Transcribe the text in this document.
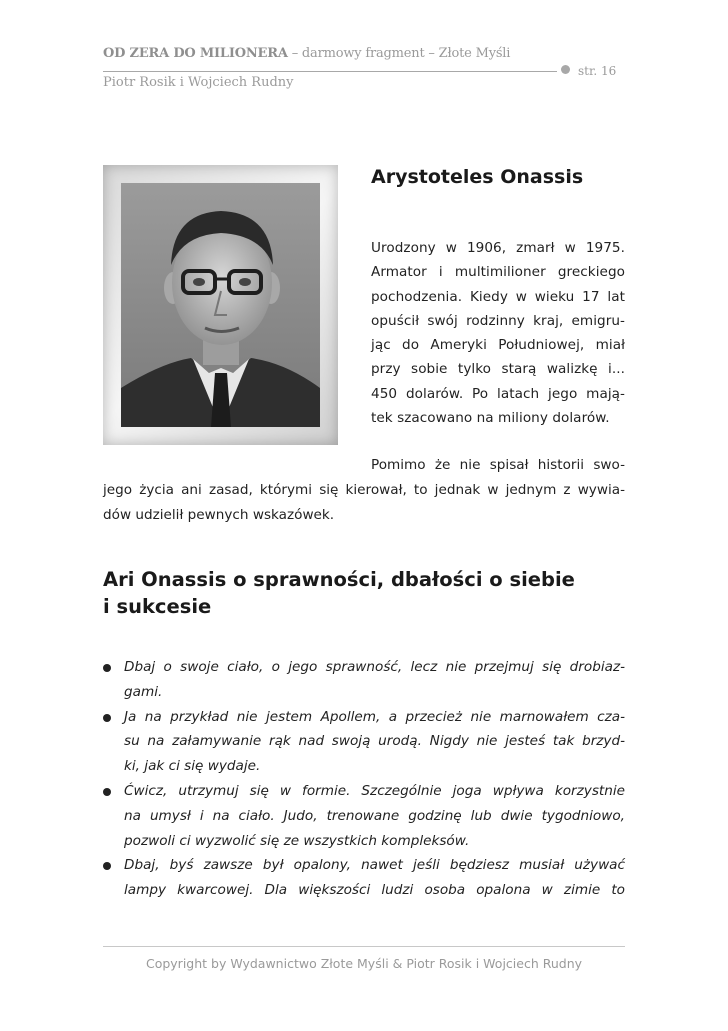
OD ZERA DO MILIONERA – darmowy fragment – Złote Myśli
str. 16
Piotr Rosik i Wojciech Rudny
Arystoteles Onassis
Urodzony w 1906, zmarł w 1975.
Armator i multimilioner greckiego
pochodzenia. Kiedy w wieku 17 lat
opuścił swój rodzinny kraj, emigru-
jąc do Ameryki Południowej, miał
przy sobie tylko starą walizkę i...
450 dolarów. Po latach jego mają-
tek szacowano na miliony dolarów.
Pomimo że nie spisał historii swo-
jego życia ani zasad, którymi się kierował, to jednak w jednym z wywia-
dów udzielił pewnych wskazówek.
Ari Onassis o sprawności, dbałości o siebie
i sukcesie
Dbaj o swoje ciało, o jego sprawność, lecz nie przejmuj się drobiaz-
gami.
Ja na przykład nie jestem Apollem, a przecież nie marnowałem cza-
su na załamywanie rąk nad swoją urodą. Nigdy nie jesteś tak brzyd-
ki, jak ci się wydaje.
Ćwicz, utrzymuj się w formie. Szczególnie joga wpływa korzystnie
na umysł i na ciało. Judo, trenowane godzinę lub dwie tygodniowo,
pozwoli ci wyzwolić się ze wszystkich kompleksów.
Dbaj, byś zawsze był opalony, nawet jeśli będziesz musiał używać
lampy kwarcowej. Dla większości ludzi osoba opalona w zimie to
Copyright by Wydawnictwo Złote Myśli & Piotr Rosik i Wojciech Rudny
